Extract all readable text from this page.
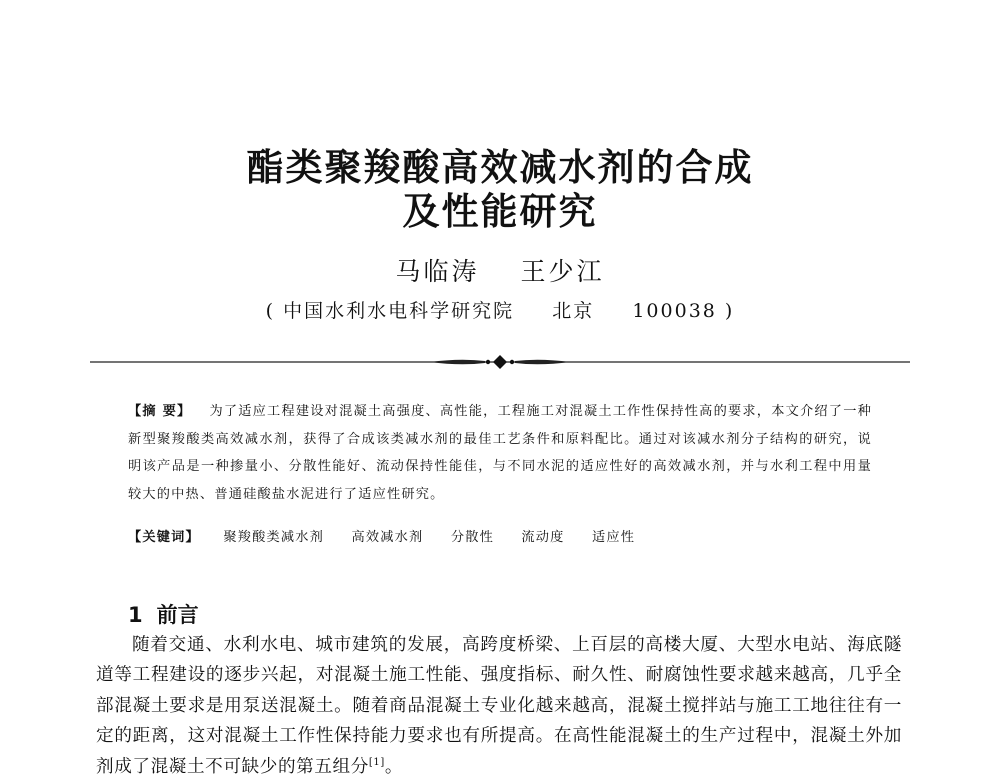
酯类聚羧酸高效减水剂的合成
及性能研究
马临涛 王少江
( 中国水利水电科学研究院 北京 100038 )
【摘 要】 为了适应工程建设对混凝土高强度、高性能，工程施工对混凝土工作性保持性高的要求，本文介绍了一种新型聚羧酸类高效减水剂，获得了合成该类减水剂的最佳工艺条件和原料配比。通过对该减水剂分子结构的研究，说明该产品是一种掺量小、分散性能好、流动保持性能佳，与不同水泥的适应性好的高效减水剂，并与水利工程中用量较大的中热、普通硅酸盐水泥进行了适应性研究。
【关键词】 聚羧酸类减水剂 高效减水剂 分散性 流动度 适应性
1 前言

随着交通、水利水电、城市建筑的发展，高跨度桥梁、上百层的高楼大厦、大型水电站、海底隧道等工程建设的逐步兴起，对混凝土施工性能、强度指标、耐久性、耐腐蚀性要求越来越高，几乎全部混凝土要求是用泵送混凝土。随着商品混凝土专业化越来越高，混凝土搅拌站与施工工地往往有一定的距离，这对混凝土工作性保持能力要求也有所提高。在高性能混凝土的生产过程中，混凝土外加剂成了混凝土不可缺少的第五组分[1]。
